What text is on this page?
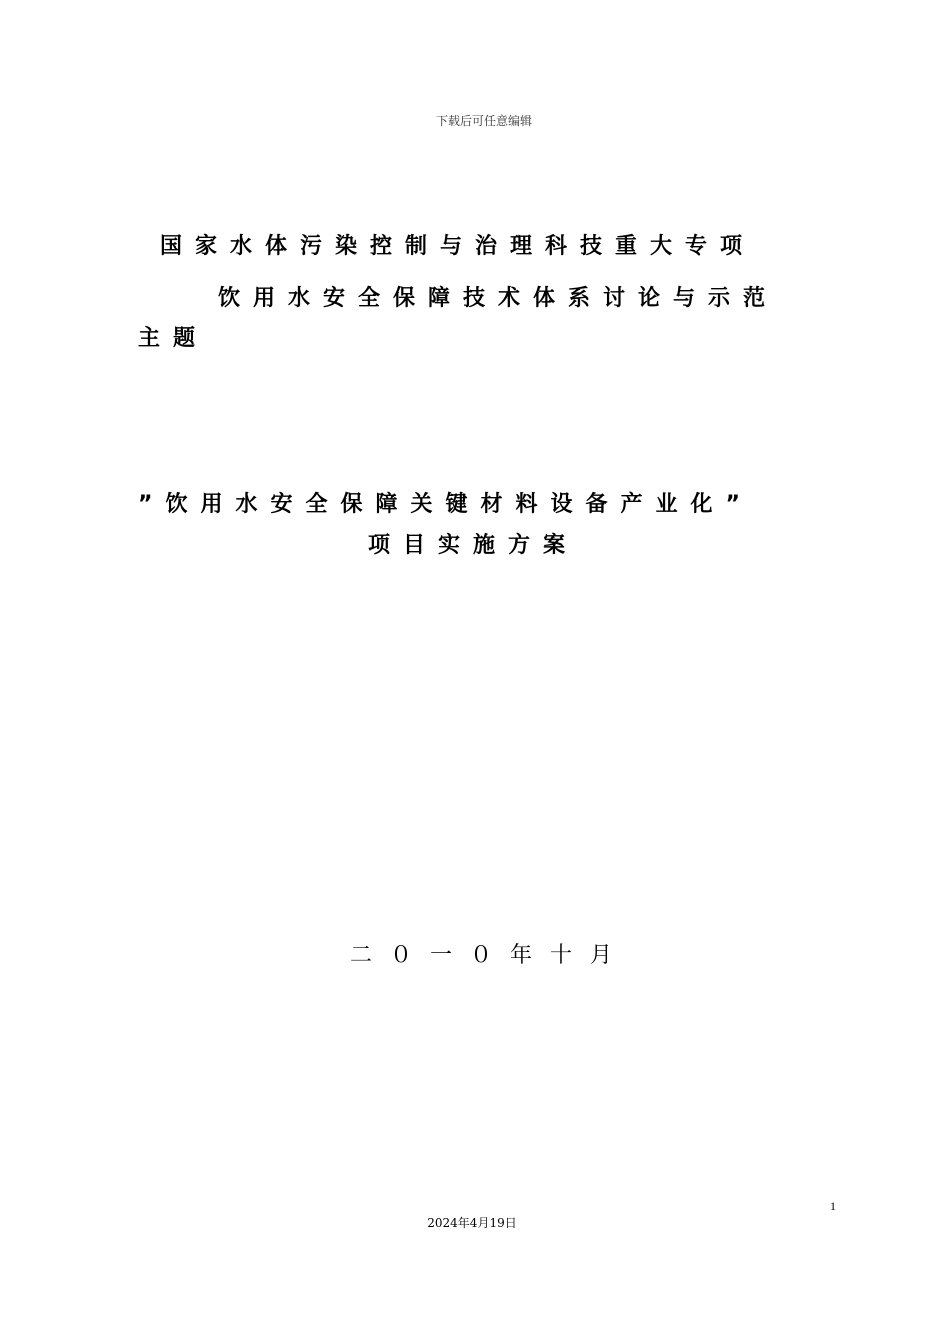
下载后可任意编辑
国家水体污染控制与治理科技重大专项
饮用水安全保障技术体系讨论与示范
主题
”饮用水安全保障关键材料设备产业化”
项目实施方案
二０一０年十月
1
2024年4月19日
